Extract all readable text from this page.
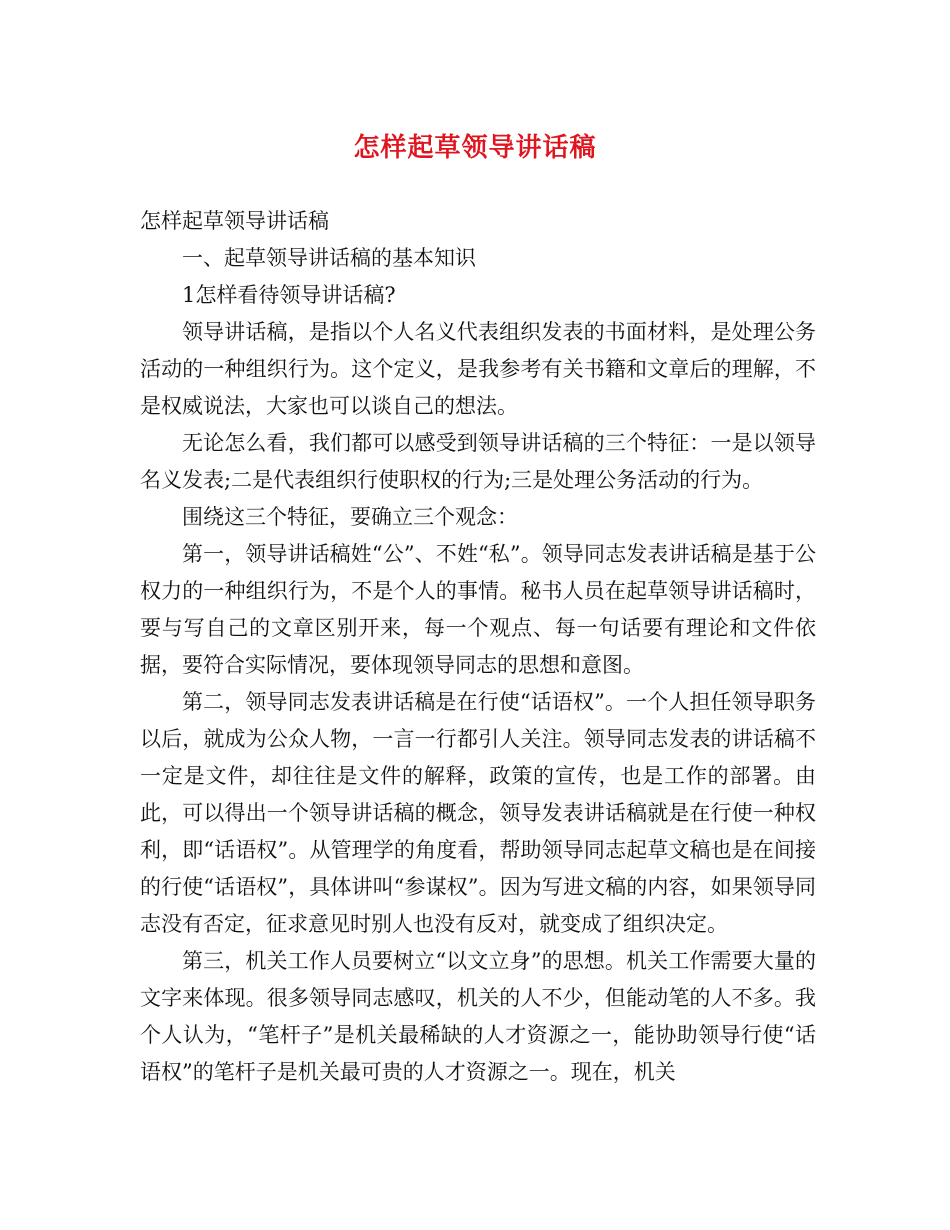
怎样起草领导讲话稿

怎样起草领导讲话稿

一、起草领导讲话稿的基本知识

1怎样看待领导讲话稿?

领导讲话稿，是指以个人名义代表组织发表的书面材料，是处理公务活动的一种组织行为。这个定义，是我参考有关书籍和文章后的理解，不是权威说法，大家也可以谈自己的想法。

无论怎么看，我们都可以感受到领导讲话稿的三个特征：一是以领导名义发表;二是代表组织行使职权的行为;三是处理公务活动的行为。

围绕这三个特征，要确立三个观念：

第一，领导讲话稿姓“公”、不姓“私”。领导同志发表讲话稿是基于公权力的一种组织行为，不是个人的事情。秘书人员在起草领导讲话稿时，要与写自己的文章区别开来，每一个观点、每一句话要有理论和文件依据，要符合实际情况，要体现领导同志的思想和意图。

第二，领导同志发表讲话稿是在行使“话语权”。一个人担任领导职务以后，就成为公众人物，一言一行都引人关注。领导同志发表的讲话稿不一定是文件，却往往是文件的解释，政策的宣传，也是工作的部署。由此，可以得出一个领导讲话稿的概念，领导发表讲话稿就是在行使一种权利，即“话语权”。从管理学的角度看，帮助领导同志起草文稿也是在间接的行使“话语权”，具体讲叫“参谋权”。因为写进文稿的内容，如果领导同志没有否定，征求意见时别人也没有反对，就变成了组织决定。

第三，机关工作人员要树立“以文立身”的思想。机关工作需要大量的文字来体现。很多领导同志感叹，机关的人不少，但能动笔的人不多。我个人认为，“笔杆子”是机关最稀缺的人才资源之一，能协助领导行使“话语权”的笔杆子是机关最可贵的人才资源之一。现在，机关
